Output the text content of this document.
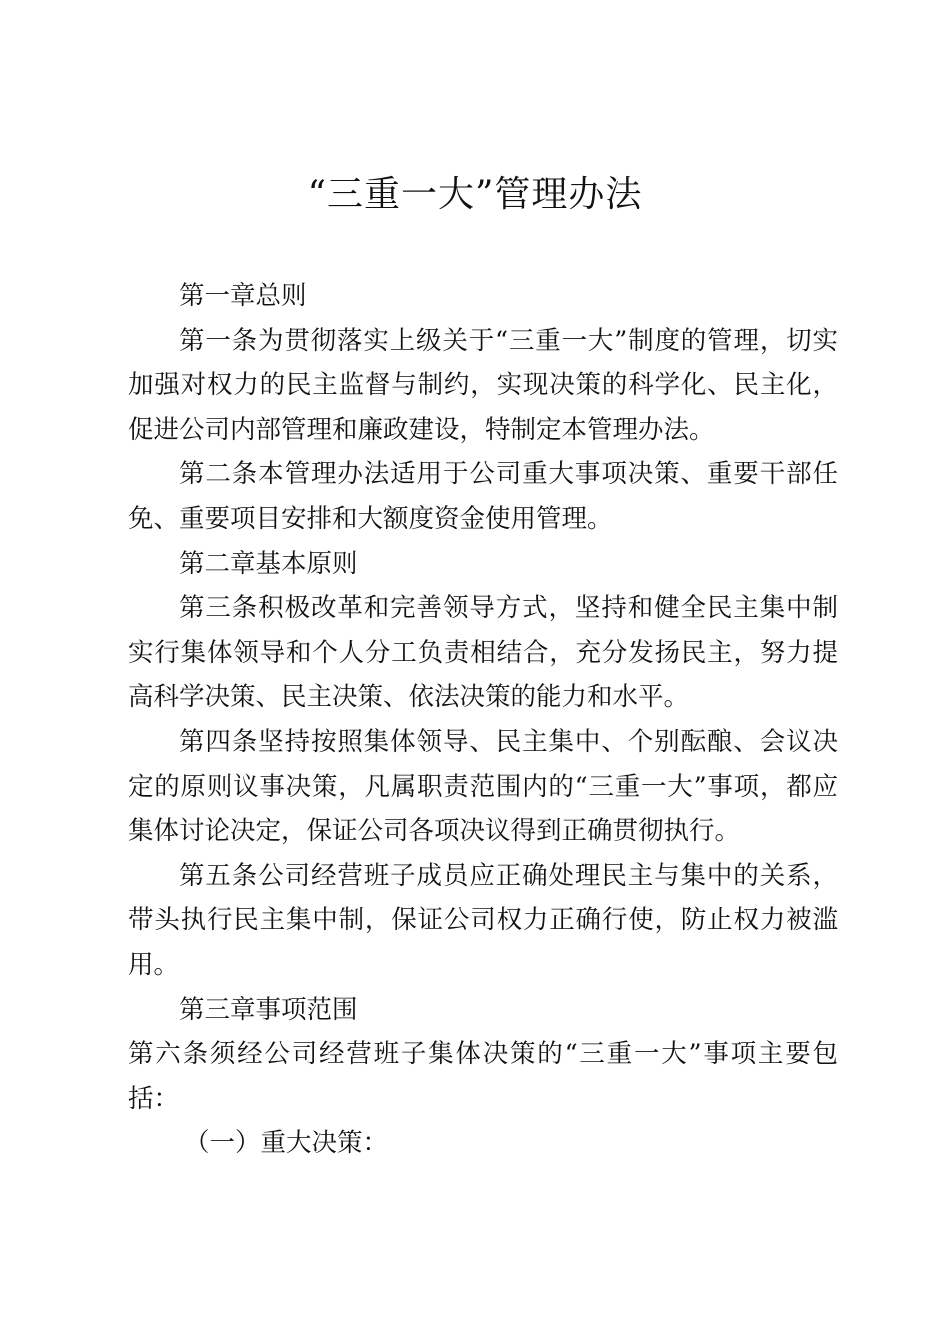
“三重一大”管理办法

第一章总则

第一条为贯彻落实上级关于“三重一大”制度的管理，切实加强对权力的民主监督与制约，实现决策的科学化、民主化，促进公司内部管理和廉政建设，特制定本管理办法。

第二条本管理办法适用于公司重大事项决策、重要干部任免、重要项目安排和大额度资金使用管理。

第二章基本原则

第三条积极改革和完善领导方式，坚持和健全民主集中制实行集体领导和个人分工负责相结合，充分发扬民主，努力提高科学决策、民主决策、依法决策的能力和水平。

第四条坚持按照集体领导、民主集中、个别酝酿、会议决定的原则议事决策，凡属职责范围内的“三重一大”事项，都应集体讨论决定，保证公司各项决议得到正确贯彻执行。

第五条公司经营班子成员应正确处理民主与集中的关系，带头执行民主集中制，保证公司权力正确行使，防止权力被滥用。

第三章事项范围

第六条须经公司经营班子集体决策的“三重一大”事项主要包括：

（一）重大决策：
